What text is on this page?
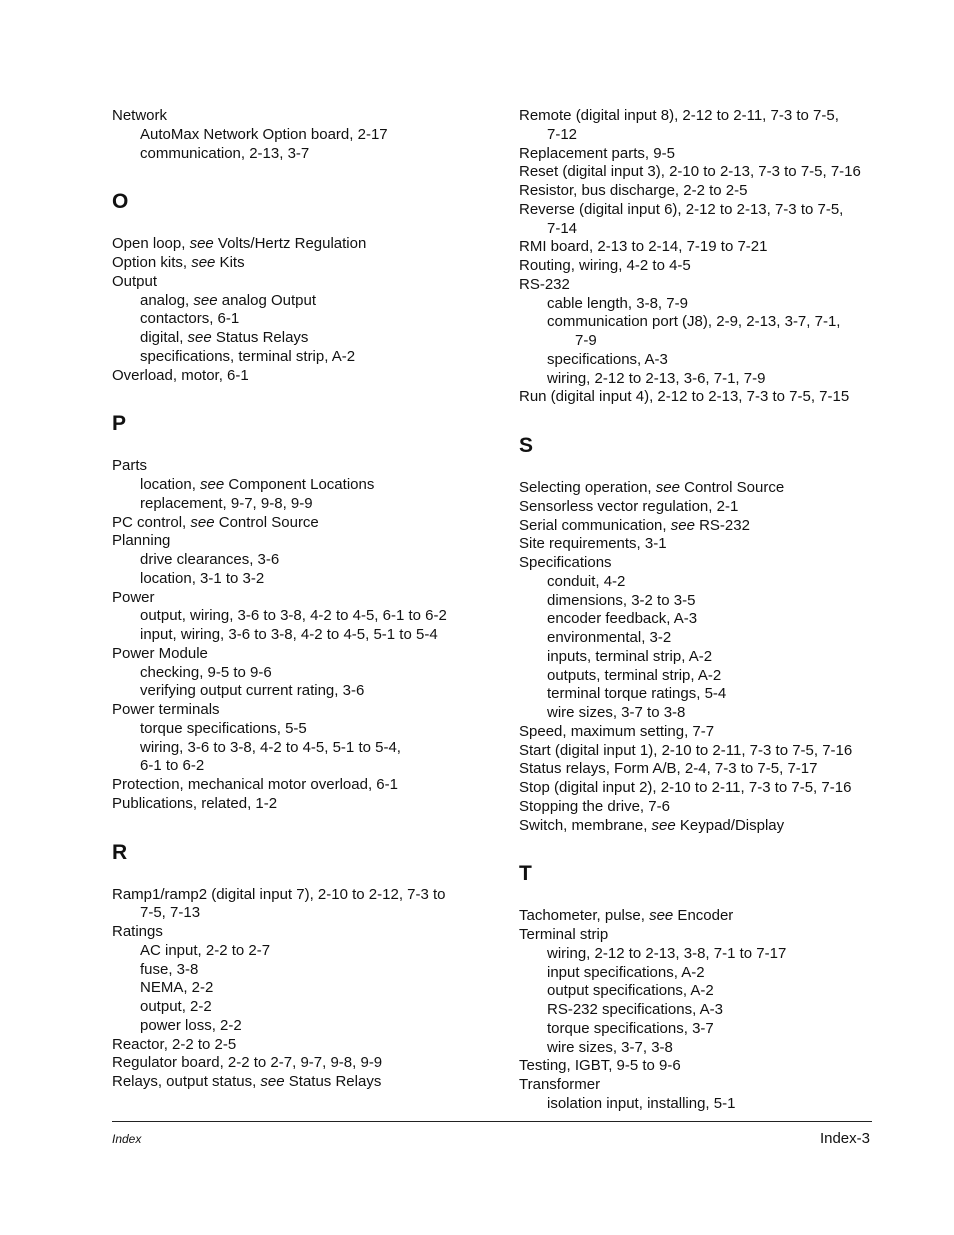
Network
AutoMax Network Option board, 2-17
communication, 2-13, 3-7
O
Open loop, see Volts/Hertz Regulation
Option kits, see Kits
Output
analog, see analog Output
contactors, 6-1
digital, see Status Relays
specifications, terminal strip, A-2
Overload, motor, 6-1
P
Parts
location, see Component Locations
replacement, 9-7, 9-8, 9-9
PC control, see Control Source
Planning
drive clearances, 3-6
location, 3-1 to 3-2
Power
output, wiring, 3-6 to 3-8, 4-2 to 4-5, 6-1 to 6-2
input, wiring, 3-6 to 3-8, 4-2 to 4-5, 5-1 to 5-4
Power Module
checking, 9-5 to 9-6
verifying output current rating, 3-6
Power terminals
torque specifications, 5-5
wiring, 3-6 to 3-8, 4-2 to 4-5, 5-1 to 5-4,
6-1 to 6-2
Protection, mechanical motor overload, 6-1
Publications, related, 1-2
R
Ramp1/ramp2 (digital input 7), 2-10 to 2-12, 7-3 to
7-5, 7-13
Ratings
AC input, 2-2 to 2-7
fuse, 3-8
NEMA, 2-2
output, 2-2
power loss, 2-2
Reactor, 2-2 to 2-5
Regulator board, 2-2 to 2-7, 9-7, 9-8, 9-9
Relays, output status, see Status Relays
Remote (digital input 8), 2-12 to 2-11, 7-3 to 7-5,
7-12
Replacement parts, 9-5
Reset (digital input 3), 2-10 to 2-13, 7-3 to 7-5, 7-16
Resistor, bus discharge, 2-2 to 2-5
Reverse (digital input 6), 2-12 to 2-13, 7-3 to 7-5,
7-14
RMI board, 2-13 to 2-14, 7-19 to 7-21
Routing, wiring, 4-2 to 4-5
RS-232
cable length, 3-8, 7-9
communication port (J8), 2-9, 2-13, 3-7, 7-1,
7-9
specifications, A-3
wiring, 2-12 to 2-13, 3-6, 7-1, 7-9
Run (digital input 4), 2-12 to 2-13, 7-3 to 7-5, 7-15
S
Selecting operation, see Control Source
Sensorless vector regulation, 2-1
Serial communication, see RS-232
Site requirements, 3-1
Specifications
conduit, 4-2
dimensions, 3-2 to 3-5
encoder feedback, A-3
environmental, 3-2
inputs, terminal strip, A-2
outputs, terminal strip, A-2
terminal torque ratings, 5-4
wire sizes, 3-7 to 3-8
Speed, maximum setting, 7-7
Start (digital input 1), 2-10 to 2-11, 7-3 to 7-5, 7-16
Status relays, Form A/B, 2-4, 7-3 to 7-5, 7-17
Stop (digital input 2), 2-10 to 2-11, 7-3 to 7-5, 7-16
Stopping the drive, 7-6
Switch, membrane, see Keypad/Display
T
Tachometer, pulse, see Encoder
Terminal strip
wiring, 2-12 to 2-13, 3-8, 7-1 to 7-17
input specifications, A-2
output specifications, A-2
RS-232 specifications, A-3
torque specifications, 3-7
wire sizes, 3-7, 3-8
Testing, IGBT, 9-5 to 9-6
Transformer
isolation input, installing, 5-1
Index	Index-3
